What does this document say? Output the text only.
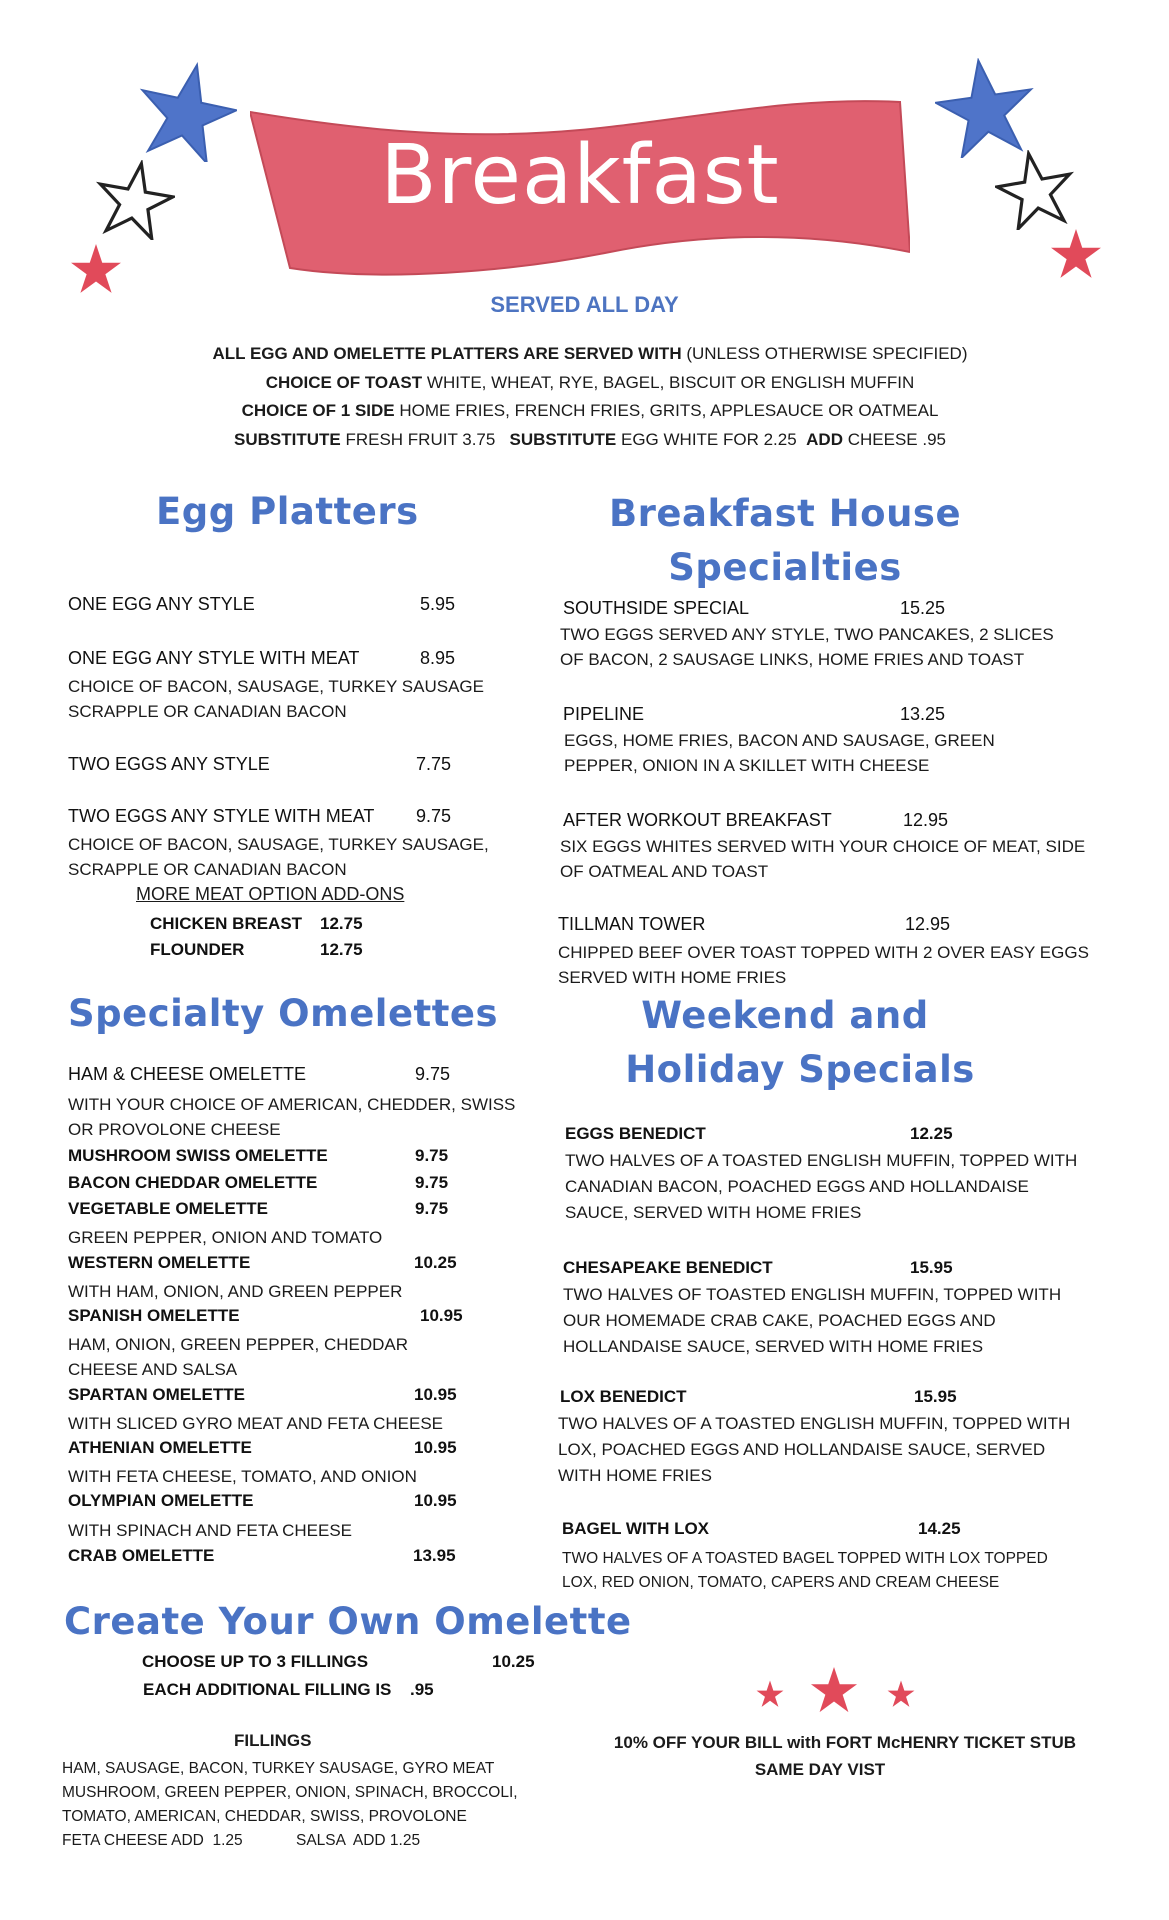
Breakfast
SERVED ALL DAY
ALL EGG AND OMELETTE PLATTERS ARE SERVED WITH (UNLESS OTHERWISE SPECIFIED)
CHOICE OF TOAST WHITE, WHEAT, RYE, BAGEL, BISCUIT OR ENGLISH MUFFIN
CHOICE OF 1 SIDE HOME FRIES, FRENCH FRIES, GRITS, APPLESAUCE OR OATMEAL
SUBSTITUTE FRESH FRUIT 3.75 SUBSTITUTE EGG WHITE FOR 2.25 ADD CHEESE .95
Egg Platters
ONE EGG ANY STYLE	5.95
ONE EGG ANY STYLE WITH MEAT	8.95
CHOICE OF BACON, SAUSAGE, TURKEY SAUSAGE SCRAPPLE OR CANADIAN BACON
TWO EGGS ANY STYLE	7.75
TWO EGGS ANY STYLE WITH MEAT 9.75
CHOICE OF BACON, SAUSAGE, TURKEY SAUSAGE, SCRAPPLE OR CANADIAN BACON
MORE MEAT OPTION ADD-ONS
CHICKEN BREAST 12.75
FLOUNDER	12.75
Breakfast House
Specialties
SOUTHSIDE SPECIAL	15.25
TWO EGGS SERVED ANY STYLE, TWO PANCAKES, 2 SLICES OF BACON, 2 SAUSAGE LINKS, HOME FRIES AND TOAST
PIPELINE	13.25
EGGS, HOME FRIES, BACON AND SAUSAGE, GREEN PEPPER, ONION IN A SKILLET WITH CHEESE
AFTER WORKOUT BREAKFAST	12.95
SIX EGGS WHITES SERVED WITH YOUR CHOICE OF MEAT, SIDE OF OATMEAL AND TOAST
TILLMAN TOWER	12.95
CHIPPED BEEF OVER TOAST TOPPED WITH 2 OVER EASY EGGS SERVED WITH HOME FRIES
Specialty Omelettes
HAM & CHEESE OMELETTE	9.75
WITH YOUR CHOICE OF AMERICAN, CHEDDER, SWISS OR PROVOLONE CHEESE
MUSHROOM SWISS OMELETTE	9.75
BACON CHEDDAR OMELETTE	9.75
VEGETABLE OMELETTE	9.75
GREEN PEPPER, ONION AND TOMATO
WESTERN OMELETTE	10.25
WITH HAM, ONION, AND GREEN PEPPER
SPANISH OMELETTE	10.95
HAM, ONION, GREEN PEPPER, CHEDDAR CHEESE AND SALSA
SPARTAN OMELETTE	10.95
WITH SLICED GYRO MEAT AND FETA CHEESE
ATHENIAN OMELETTE	10.95
WITH FETA CHEESE, TOMATO, AND ONION
OLYMPIAN OMELETTE	10.95
WITH SPINACH AND FETA CHEESE
CRAB OMELETTE	13.95
Weekend and
Holiday Specials
EGGS BENEDICT	12.25
TWO HALVES OF A TOASTED ENGLISH MUFFIN, TOPPED WITH CANADIAN BACON, POACHED EGGS AND HOLLANDAISE SAUCE, SERVED WITH HOME FRIES
CHESAPEAKE BENEDICT	15.95
TWO HALVES OF TOASTED ENGLISH MUFFIN, TOPPED WITH OUR HOMEMADE CRAB CAKE, POACHED EGGS AND HOLLANDAISE SAUCE, SERVED WITH HOME FRIES
LOX BENEDICT	15.95
TWO HALVES OF A TOASTED ENGLISH MUFFIN, TOPPED WITH LOX, POACHED EGGS AND HOLLANDAISE SAUCE, SERVED WITH HOME FRIES
BAGEL WITH LOX	14.25
TWO HALVES OF A TOASTED BAGEL TOPPED WITH LOX TOPPED LOX, RED ONION, TOMATO, CAPERS AND CREAM CHEESE
Create Your Own Omelette
CHOOSE UP TO 3 FILLINGS	10.25
EACH ADDITIONAL FILLING IS .95
FILLINGS
HAM, SAUSAGE, BACON, TURKEY SAUSAGE, GYRO MEAT
MUSHROOM, GREEN PEPPER, ONION, SPINACH, BROCCOLI,
TOMATO, AMERICAN, CHEDDAR, SWISS, PROVOLONE
FETA CHEESE ADD  1.25	SALSA  ADD 1.25
10% OFF YOUR BILL with FORT McHENRY TICKET STUB
SAME DAY VIST
